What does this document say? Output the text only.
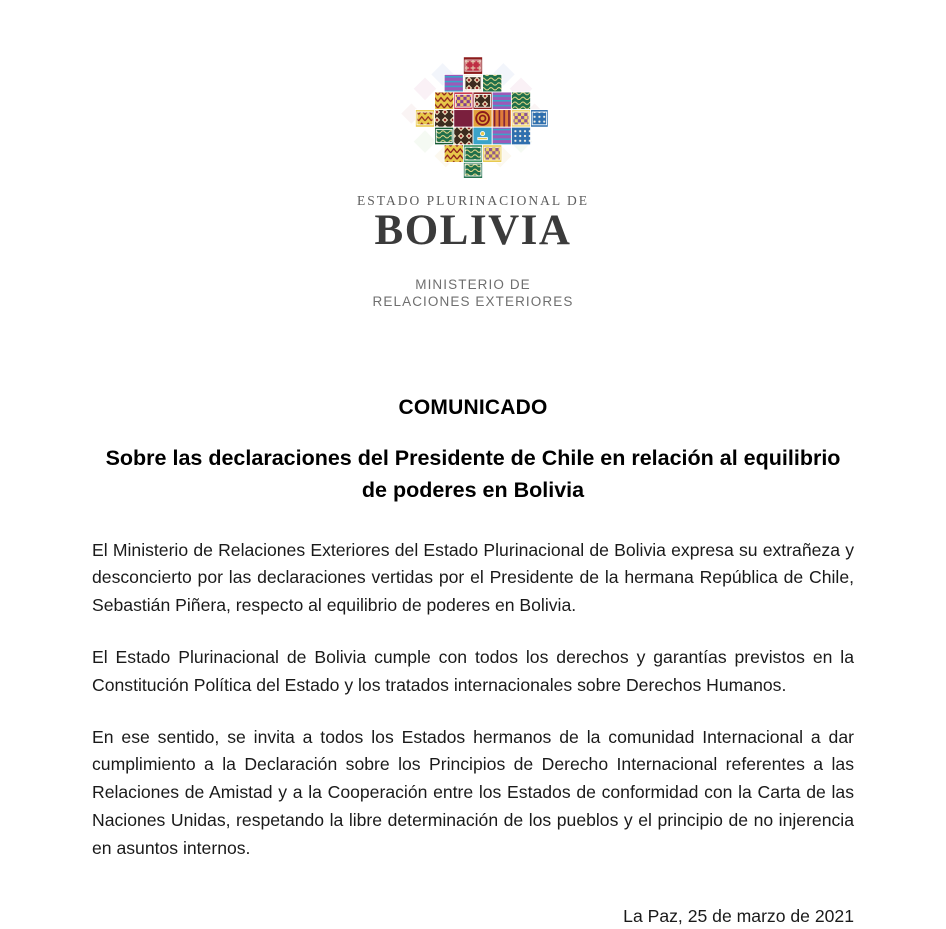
ESTADO PLURINACIONAL DE
BOLIVIA
MINISTERIO DE
RELACIONES EXTERIORES
COMUNICADO
Sobre las declaraciones del Presidente de Chile en relación al equilibrio de poderes en Bolivia

El Ministerio de Relaciones Exteriores del Estado Plurinacional de Bolivia expresa su extrañeza y desconcierto por las declaraciones vertidas por el Presidente de la hermana República de Chile, Sebastián Piñera, respecto al equilibrio de poderes en Bolivia.

El Estado Plurinacional de Bolivia cumple con todos los derechos y garantías previstos en la Constitución Política del Estado y los tratados internacionales sobre Derechos Humanos.

En ese sentido, se invita a todos los Estados hermanos de la comunidad Internacional a dar cumplimiento a la Declaración sobre los Principios de Derecho Internacional referentes a las Relaciones de Amistad y a la Cooperación entre los Estados de conformidad con la Carta de las Naciones Unidas, respetando la libre determinación de los pueblos y el principio de no injerencia en asuntos internos.

La Paz, 25 de marzo de 2021
